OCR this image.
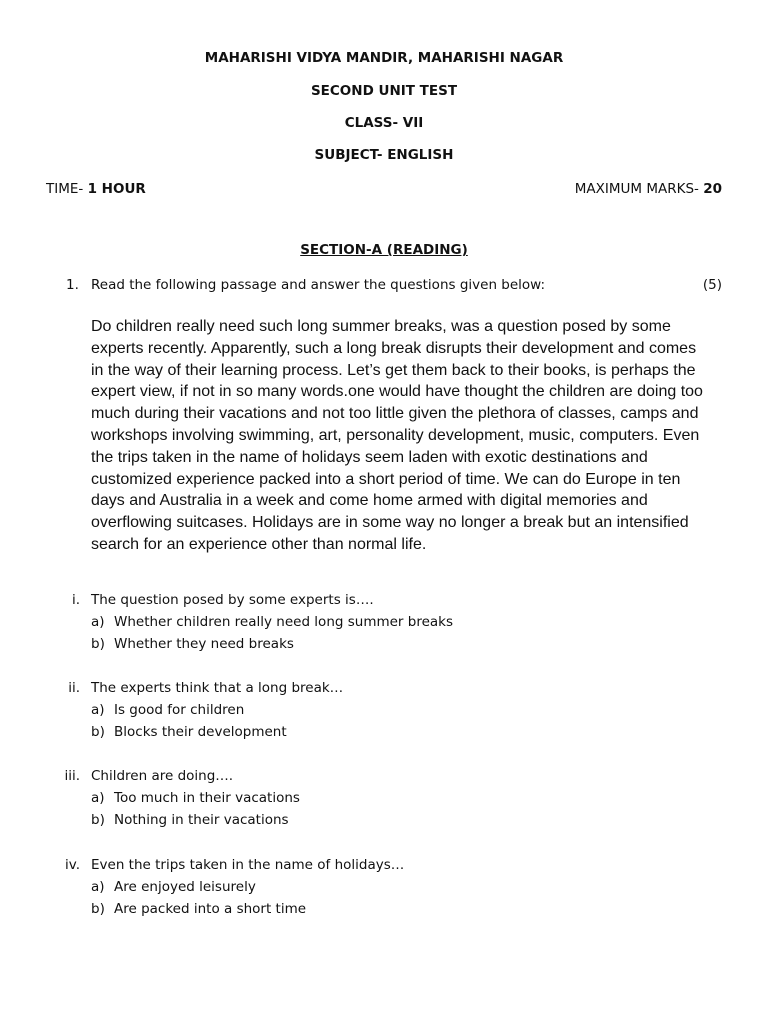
MAHARISHI VIDYA MANDIR, MAHARISHI NAGAR
SECOND UNIT TEST
CLASS- VII
SUBJECT- ENGLISH
TIME- 1 HOUR	MAXIMUM MARKS- 20
SECTION-A (READING)
1. Read the following passage and answer the questions given below:	(5)
Do children really need such long summer breaks, was a question posed by some
experts recently. Apparently, such a long break disrupts their development and comes
in the way of their learning process. Let’s get them back to their books, is perhaps the
expert view, if not in so many words.one would have thought the children are doing too
much during their vacations and not too little given the plethora of classes, camps and
workshops involving swimming, art, personality development, music, computers. Even
the trips taken in the name of holidays seem laden with exotic destinations and
customized experience packed into a short period of time. We can do Europe in ten
days and Australia in a week and come home armed with digital memories and
overflowing suitcases. Holidays are in some way no longer a break but an intensified
search for an experience other than normal life.
i. The question posed by some experts is….
a) Whether children really need long summer breaks
b) Whether they need breaks
ii. The experts think that a long break…
a) Is good for children
b) Blocks their development
iii. Children are doing….
a) Too much in their vacations
b) Nothing in their vacations
iv. Even the trips taken in the name of holidays…
a) Are enjoyed leisurely
b) Are packed into a short time
